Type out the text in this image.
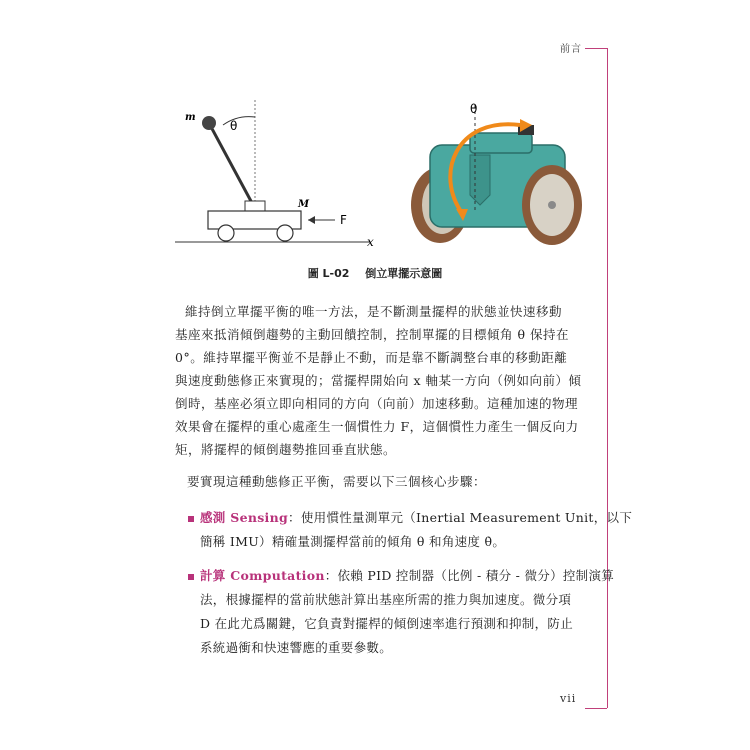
前言
vii
m
θ
M
F
x
θ
圖 L-02 倒立單擺示意圖
維持倒立單擺平衡的唯一方法，是不斷測量擺桿的狀態並快速移動
基座來抵消傾倒趨勢的主動回饋控制，控制單擺的目標傾角 θ 保持在
0°。維持單擺平衡並不是靜止不動，而是靠不斷調整台車的移動距離
與速度動態修正來實現的；當擺桿開始向 x 軸某一方向（例如向前）傾
倒時，基座必須立即向相同的方向（向前）加速移動。這種加速的物理
效果會在擺桿的重心處產生一個慣性力 F，這個慣性力產生一個反向力
矩，將擺桿的傾倒趨勢推回垂直狀態。
要實現這種動態修正平衡，需要以下三個核心步驟：
感測 Sensing：使用慣性量測單元（Inertial Measurement Unit，以下
簡稱 IMU）精確量測擺桿當前的傾角 θ 和角速度 θ̇。
計算 Computation：依賴 PID 控制器（比例 - 積分 - 微分）控制演算
法，根據擺桿的當前狀態計算出基座所需的推力與加速度。微分項
D 在此尤爲關鍵，它負責對擺桿的傾倒速率進行預測和抑制，防止
系統過衝和快速響應的重要參數。
